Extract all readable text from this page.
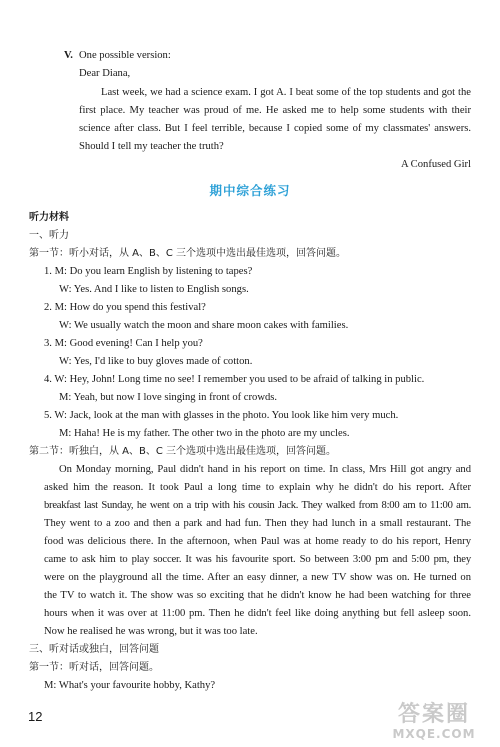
V. One possible version:
Dear Diana,
Last week, we had a science exam. I got A. I beat some of the top students and got the
first place. My teacher was proud of me. He asked me to help some students with their
science after class. But I feel terrible, because I copied some of my classmates' answers.
Should I tell my teacher the truth?
A Confused Girl
期中综合练习
听力材料
一、听力
第一节：听小对话，从 A、B、C 三个选项中选出最佳选项，回答问题。
1. M: Do you learn English by listening to tapes?
W: Yes. And I like to listen to English songs.
2. M: How do you spend this festival?
W: We usually watch the moon and share moon cakes with families.
3. M: Good evening! Can I help you?
W: Yes, I'd like to buy gloves made of cotton.
4. W: Hey, John! Long time no see! I remember you used to be afraid of talking in public.
M: Yeah, but now I love singing in front of crowds.
5. W: Jack, look at the man with glasses in the photo. You look like him very much.
M: Haha! He is my father. The other two in the photo are my uncles.
第二节：听独白，从 A、B、C 三个选项中选出最佳选项，回答问题。
On Monday morning, Paul didn't hand in his report on time. In class, Mrs Hill got angry and
asked him the reason. It took Paul a long time to explain why he didn't do his report. After
breakfast last Sunday, he went on a trip with his cousin Jack. They walked from 8:00 am to 11:00 am.
They went to a zoo and then a park and had fun. Then they had lunch in a small restaurant. The
food was delicious there. In the afternoon, when Paul was at home ready to do his report, Henry
came to ask him to play soccer. It was his favourite sport. So between 3:00 pm and 5:00 pm, they
were on the playground all the time. After an easy dinner, a new TV show was on. He turned on
the TV to watch it. The show was so exciting that he didn't know he had been watching for three
hours when it was over at 11:00 pm. Then he didn't feel like doing anything but fell asleep soon.
Now he realised he was wrong, but it was too late.
三、听对话或独白，回答问题
第一节：听对话，回答问题。
M: What's your favourite hobby, Kathy?
12	答案圈
MXQE.COM
